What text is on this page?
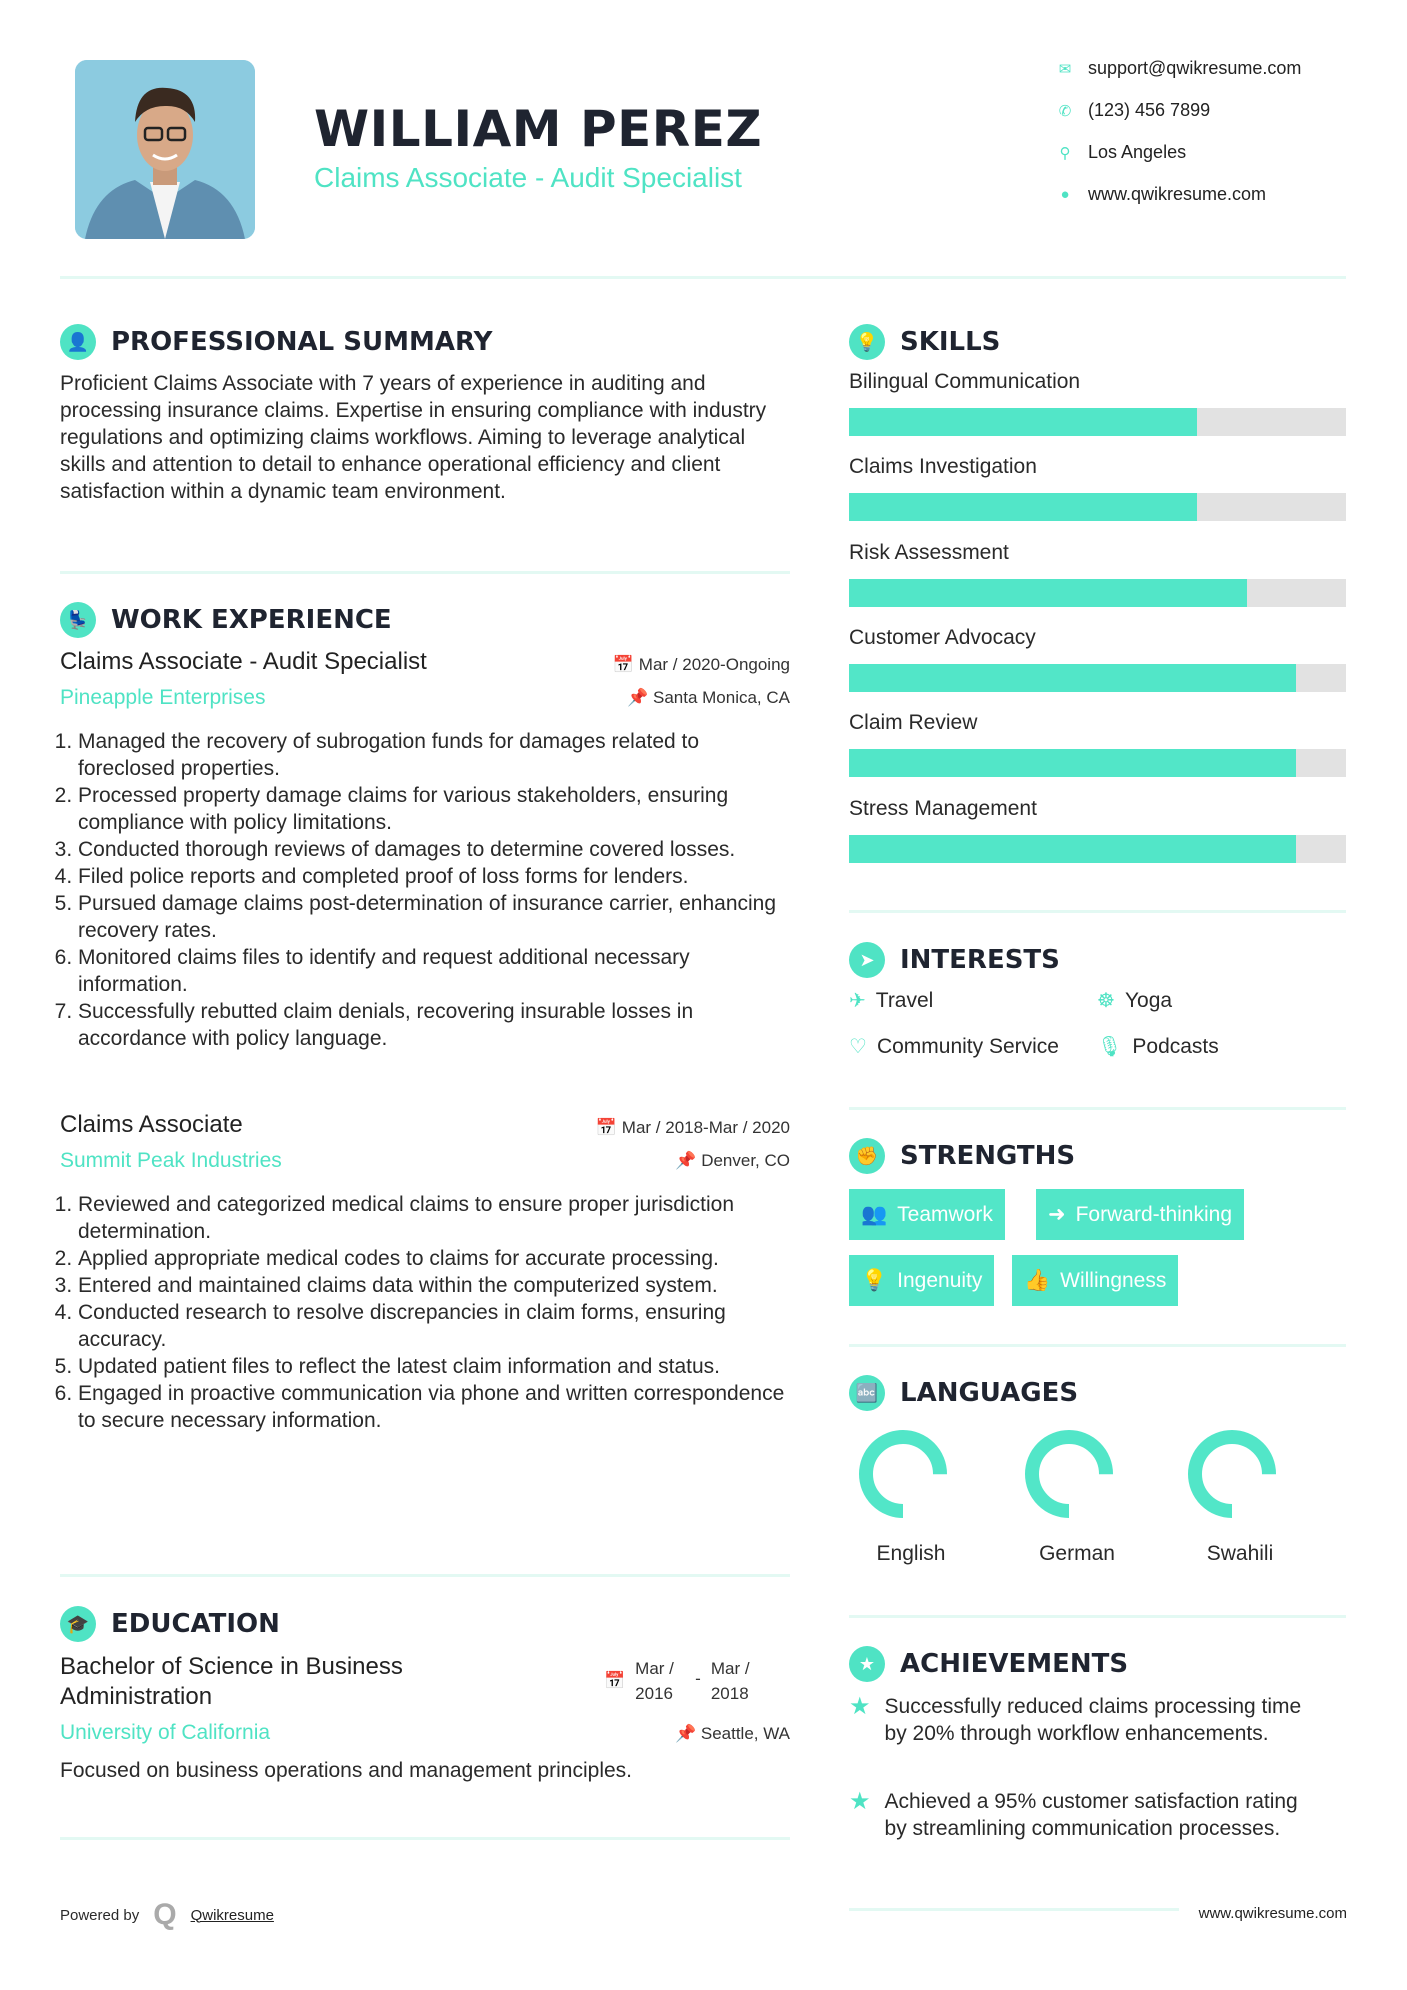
WILLIAM PEREZ
Claims Associate - Audit Specialist
✉ support@qwikresume.com
✆ (123) 456 7899
⚲ Los Angeles
● www.qwikresume.com
👤 PROFESSIONAL SUMMARY
Proficient Claims Associate with 7 years of experience in auditing and processing insurance claims. Expertise in ensuring compliance with industry regulations and optimizing claims workflows. Aiming to leverage analytical skills and attention to detail to enhance operational efficiency and client satisfaction within a dynamic team environment.
💺 WORK EXPERIENCE
Claims Associate - Audit Specialist	📅 Mar / 2020-Ongoing
Pineapple Enterprises	📌 Santa Monica, CA
1. Managed the recovery of subrogation funds for damages related to foreclosed properties.
2. Processed property damage claims for various stakeholders, ensuring compliance with policy limitations.
3. Conducted thorough reviews of damages to determine covered losses.
4. Filed police reports and completed proof of loss forms for lenders.
5. Pursued damage claims post-determination of insurance carrier, enhancing recovery rates.
6. Monitored claims files to identify and request additional necessary information.
7. Successfully rebutted claim denials, recovering insurable losses in accordance with policy language.
Claims Associate	📅 Mar / 2018-Mar / 2020
Summit Peak Industries	📌 Denver, CO
1. Reviewed and categorized medical claims to ensure proper jurisdiction determination.
2. Applied appropriate medical codes to claims for accurate processing.
3. Entered and maintained claims data within the computerized system.
4. Conducted research to resolve discrepancies in claim forms, ensuring accuracy.
5. Updated patient files to reflect the latest claim information and status.
6. Engaged in proactive communication via phone and written correspondence to secure necessary information.
🎓 EDUCATION
Bachelor of Science in Business Administration
📅
Mar / 2016
-
Mar / 2018
University of California	📌 Seattle, WA
Focused on business operations and management principles.
Powered by Q Qwikresume	www.qwikresume.com
💡 SKILLS
Bilingual Communication
Claims Investigation
Risk Assessment
Customer Advocacy
Claim Review
Stress Management
➤ INTERESTS
✈ Travel	☸ Yoga
♡ Community Service 🎙 Podcasts
✊ STRENGTHS
👥 Teamwork	➜ Forward-thinking
💡 Ingenuity 👍 Willingness
🔤 LANGUAGES
English	German	Swahili
★ ACHIEVEMENTS
★ Successfully reduced claims processing time by 20% through workflow enhancements.
★ Achieved a 95% customer satisfaction rating by streamlining communication processes.
